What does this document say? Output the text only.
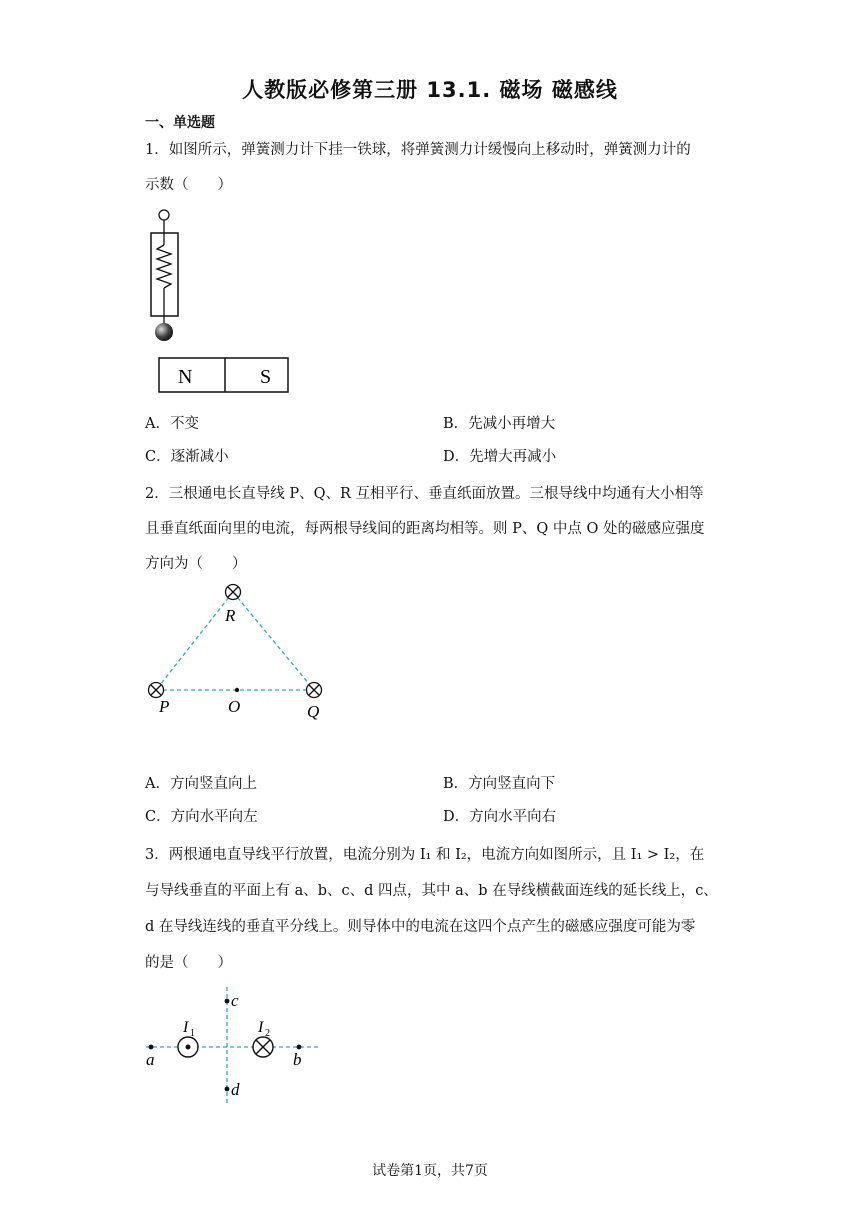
人教版必修第三册 13.1. 磁场 磁感线
一、单选题
1．如图所示，弹簧测力计下挂一铁球，将弹簧测力计缓慢向上移动时，弹簧测力计的
示数（　　）
N	S
A．不变	B．先减小再增大
C．逐渐减小	D．先增大再减小
2．三根通电长直导线 P、Q、R 互相平行、垂直纸面放置。三根导线中均通有大小相等
且垂直纸面向里的电流，每两根导线间的距离均相等。则 P、Q 中点 O 处的磁感应强度
方向为（　　）
R
P	O	Q
A．方向竖直向上	B．方向竖直向下
C．方向水平向左	D．方向水平向右
3．两根通电直导线平行放置，电流分别为 I₁ 和 I₂，电流方向如图所示，且 I₁ > I₂，在
与导线垂直的平面上有 a、b、c、d 四点，其中 a、b 在导线横截面连线的延长线上，c、
d 在导线连线的垂直平分线上。则导体中的电流在这四个点产生的磁感应强度可能为零
的是（　　）
a	b
c
d
I 1	I 2
试卷第1页，共7页
